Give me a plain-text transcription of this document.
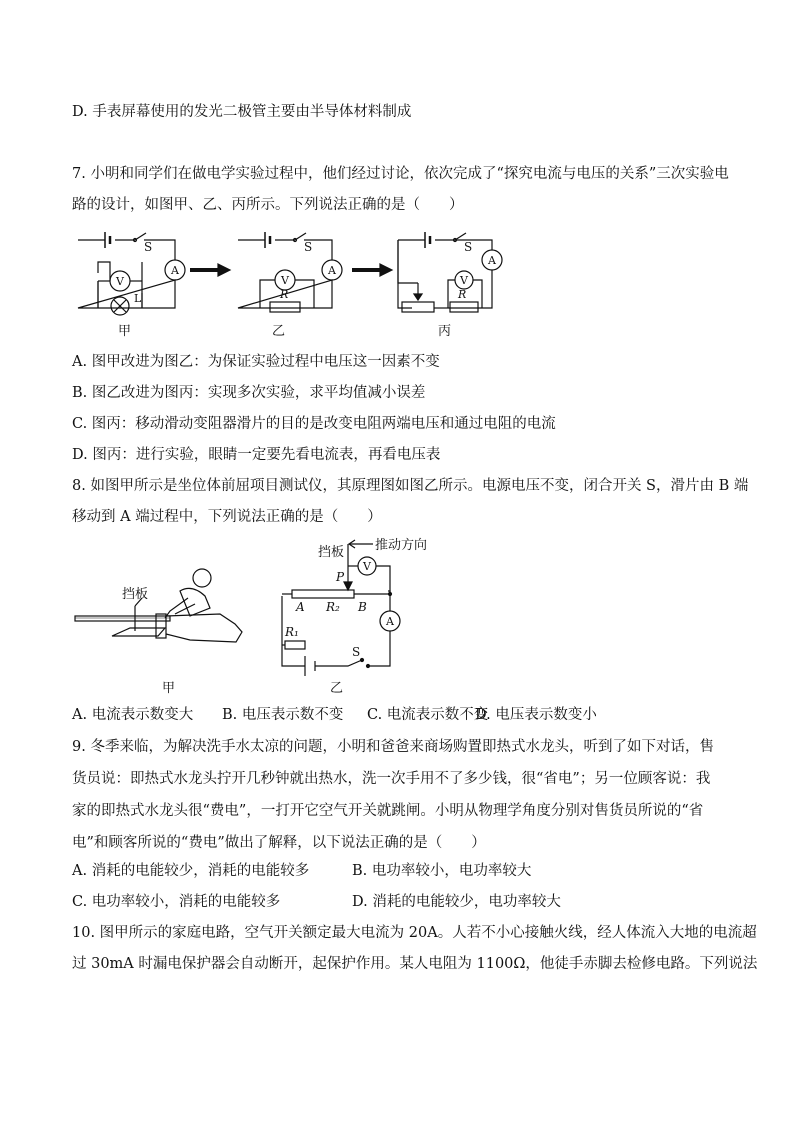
D. 手表屏幕使用的发光二极管主要由半导体材料制成
7. 小明和同学们在做电学实验过程中，他们经过讨论，依次完成了“探究电流与电压的关系”三次实验电
路的设计，如图甲、乙、丙所示。下列说法正确的是（　　）
S
A
V
L
S
A
V
R
S
A
V
R
甲	乙	丙
A. 图甲改进为图乙：为保证实验过程中电压这一因素不变
B. 图乙改进为图丙：实现多次实验，求平均值减小误差
C. 图丙：移动滑动变阻器滑片的目的是改变电阻两端电压和通过电阻的电流
D. 图丙：进行实验，眼睛一定要先看电流表，再看电压表
8. 如图甲所示是坐位体前屈项目测试仪，其原理图如图乙所示。电源电压不变，闭合开关 S，滑片由 B 端
移动到 A 端过程中，下列说法正确的是（　　）
挡板
挡板 推动方向
P
V
A R₂ B
A
R₁
S
甲	乙
A. 电流表示数变大	B. 电压表示数不变	C. 电流表示数不变
D. 电压表示数变小
9. 冬季来临，为解决洗手水太凉的问题，小明和爸爸来商场购置即热式水龙头，听到了如下对话，售货员说：即热式水龙头拧开几秒钟就出热水，洗一次手用不了多少钱，很“省电”；另一位顾客说：我家的即热式水龙头很“费电”，一打开它空气开关就跳闸。小明从物理学角度分别对售货员所说的“省电”和顾客所说的“费电”做出了解释，以下说法正确的是（　　）
A. 消耗的电能较少，消耗的电能较多	B. 电功率较小，电功率较大
C. 电功率较小，消耗的电能较多	D. 消耗的电能较少，电功率较大
10. 图甲所示的家庭电路，空气开关额定最大电流为 20A。人若不小心接触火线，经人体流入大地的电流超
过 30mA 时漏电保护器会自动断开，起保护作用。某人电阻为 1100Ω，他徒手赤脚去检修电路。下列说法
